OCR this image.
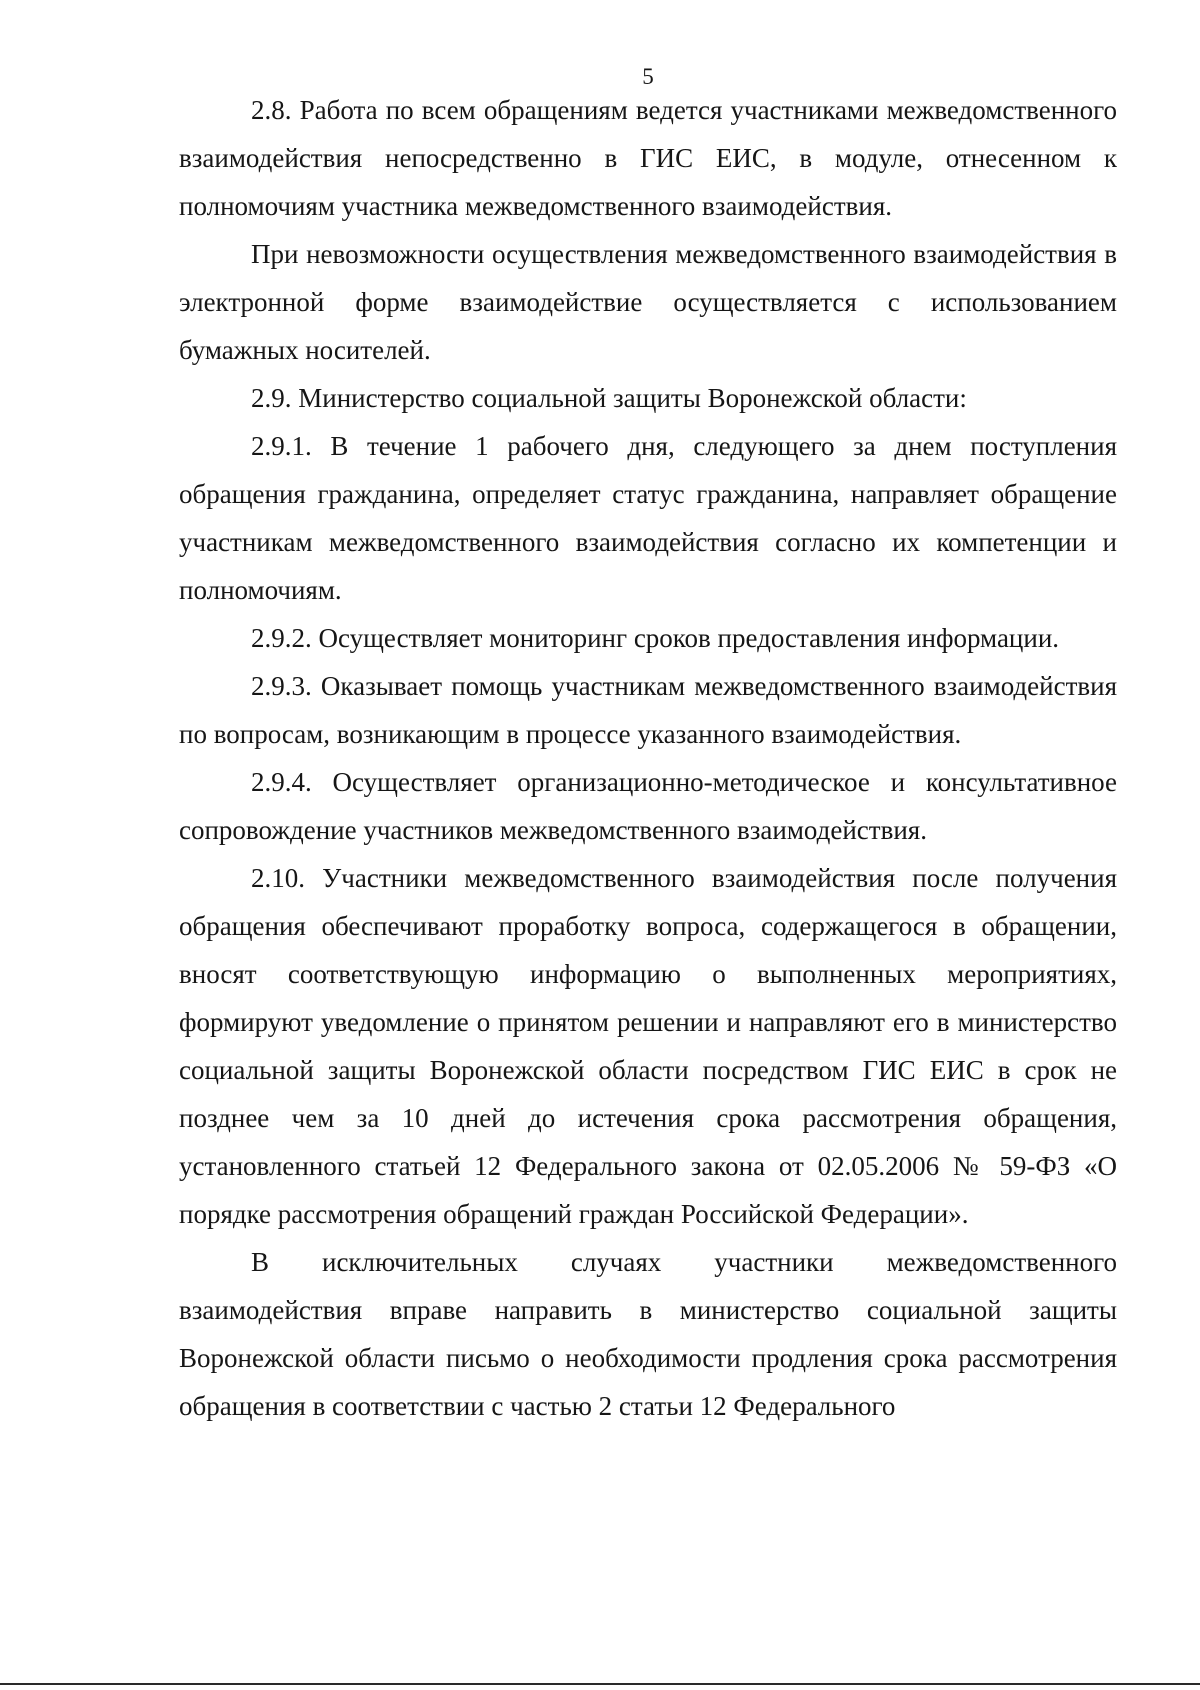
5

2.8. Работа по всем обращениям ведется участниками межведомственного взаимодействия непосредственно в ГИС ЕИС, в модуле, отнесенном к полномочиям участника межведомственного взаимодействия.

При невозможности осуществления межведомственного взаимодействия в электронной форме взаимодействие осуществляется с использованием бумажных носителей.

2.9. Министерство социальной защиты Воронежской области:

2.9.1. В течение 1 рабочего дня, следующего за днем поступления обращения гражданина, определяет статус гражданина, направляет обращение участникам межведомственного взаимодействия согласно их компетенции и полномочиям.

2.9.2. Осуществляет мониторинг сроков предоставления информации.

2.9.3. Оказывает помощь участникам межведомственного взаимодействия по вопросам, возникающим в процессе указанного взаимодействия.

2.9.4. Осуществляет организационно-методическое и консультативное сопровождение участников межведомственного взаимодействия.

2.10. Участники межведомственного взаимодействия после получения обращения обеспечивают проработку вопроса, содержащегося в обращении, вносят соответствующую информацию о выполненных мероприятиях, формируют уведомление о принятом решении и направляют его в министерство социальной защиты Воронежской области посредством ГИС ЕИС в срок не позднее чем за 10 дней до истечения срока рассмотрения обращения, установленного статьей 12 Федерального закона от 02.05.2006 № 59-ФЗ «О порядке рассмотрения обращений граждан Российской Федерации».

В исключительных случаях участники межведомственного взаимодействия вправе направить в министерство социальной защиты Воронежской области письмо о необходимости продления срока рассмотрения обращения в соответствии с частью 2 статьи 12 Федерального
